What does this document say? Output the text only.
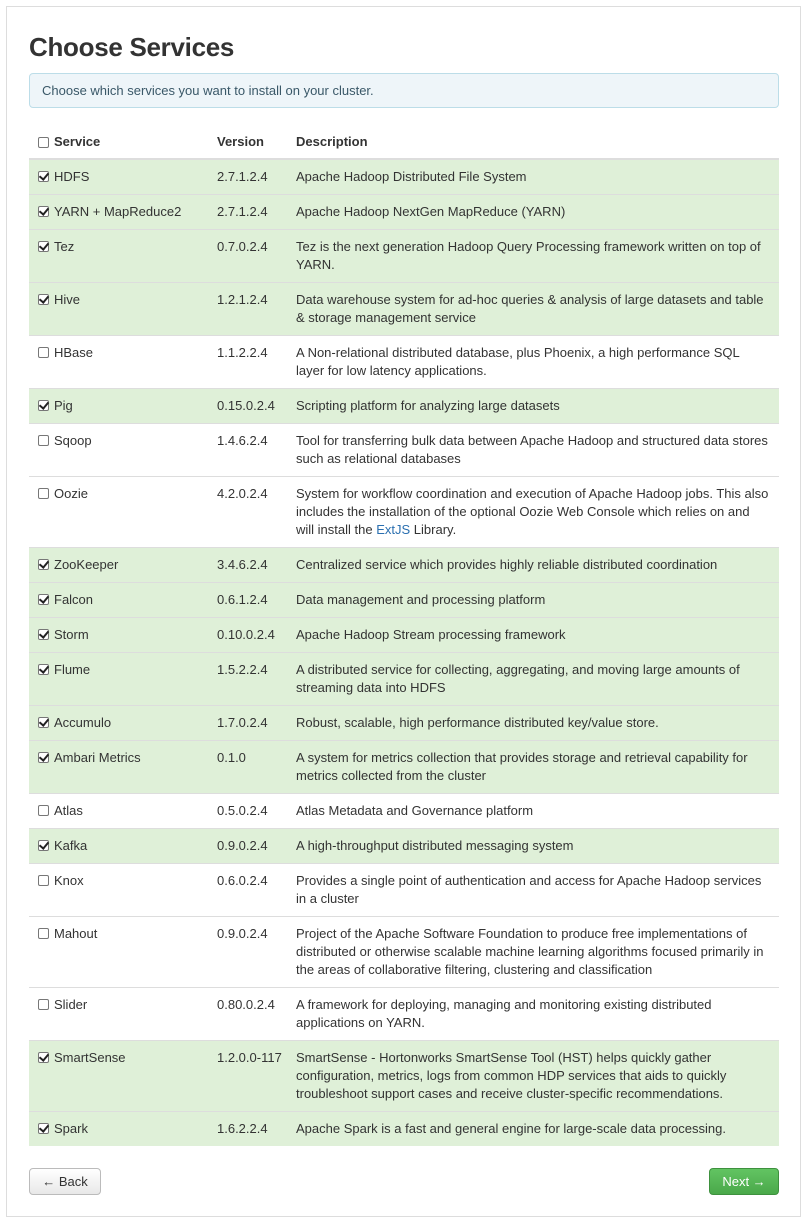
Choose Services
Choose which services you want to install on your cluster.
Service	Version	Description
HDFS	2.7.1.2.4	Apache Hadoop Distributed File System
YARN + MapReduce2	2.7.1.2.4	Apache Hadoop NextGen MapReduce (YARN)
Tez	0.7.0.2.4	Tez is the next generation Hadoop Query Processing framework written on top of YARN.
Hive	1.2.1.2.4	Data warehouse system for ad-hoc queries & analysis of large datasets and table & storage management service
HBase	1.1.2.2.4	A Non-relational distributed database, plus Phoenix, a high performance SQL layer for low latency applications.
Pig	0.15.0.2.4	Scripting platform for analyzing large datasets
Sqoop	1.4.6.2.4	Tool for transferring bulk data between Apache Hadoop and structured data stores such as relational databases
Oozie	4.2.0.2.4	System for workflow coordination and execution of Apache Hadoop jobs. This also includes the installation of the optional Oozie Web Console which relies on and will install the ExtJS Library.
ZooKeeper	3.4.6.2.4	Centralized service which provides highly reliable distributed coordination
Falcon	0.6.1.2.4	Data management and processing platform
Storm	0.10.0.2.4	Apache Hadoop Stream processing framework
Flume	1.5.2.2.4	A distributed service for collecting, aggregating, and moving large amounts of streaming data into HDFS
Accumulo	1.7.0.2.4	Robust, scalable, high performance distributed key/value store.
Ambari Metrics	0.1.0	A system for metrics collection that provides storage and retrieval capability for metrics collected from the cluster
Atlas	0.5.0.2.4	Atlas Metadata and Governance platform
Kafka	0.9.0.2.4	A high-throughput distributed messaging system
Knox	0.6.0.2.4	Provides a single point of authentication and access for Apache Hadoop services in a cluster
Mahout	0.9.0.2.4	Project of the Apache Software Foundation to produce free implementations of distributed or otherwise scalable machine learning algorithms focused primarily in the areas of collaborative filtering, clustering and classification
Slider	0.80.0.2.4	A framework for deploying, managing and monitoring existing distributed applications on YARN.
SmartSense	1.2.0.0-117	SmartSense - Hortonworks SmartSense Tool (HST) helps quickly gather configuration, metrics, logs from common HDP services that aids to quickly troubleshoot support cases and receive cluster-specific recommendations.
Spark	1.6.2.2.4	Apache Spark is a fast and general engine for large-scale data processing.
← Back	Next →
